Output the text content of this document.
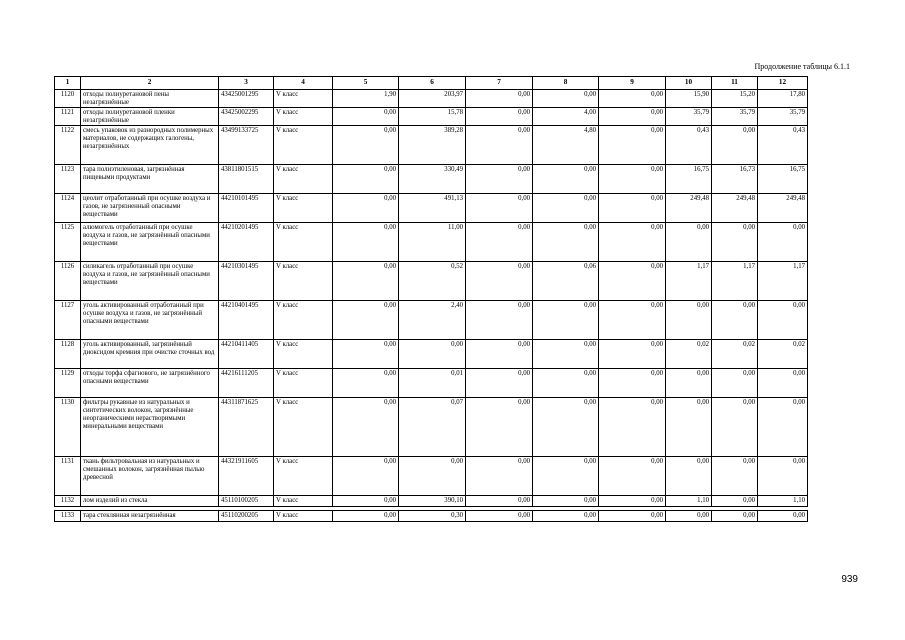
Продолжение таблицы 6.1.1
1	2	3	4	5	6	7	8	9	10	11	12
1120	отходы полиуретановой пены незагрязнённые	43425001295	V класс	1,90	203,97	0,00	0,00	0,00	15,90	15,20	17,80
1121	отходы полиуретановой пленки незагрязнённые	43425002295	V класс	0,00	15,78	0,00	4,00	0,00	35,79	35,79	35,79
1122	смесь упаковок из разнородных полимерных материалов, не содержащих галогены, незагрязнённых	43499133725	V класс	0,00	389,28	0,00	4,80	0,00	0,43	0,00	0,43
1123	тара полиэтиленовая, загрязнённая пищевыми продуктами	43811801515	V класс	0,00	330,49	0,00	0,00	0,00	16,75	16,73	16,75
1124	цеолит отработанный при осушке воздуха и газов, не загрязненный опасными веществами	44210101495	V класс	0,00	491,13	0,00	0,00	0,00	249,48	249,48	249,48
1125	алюмогель отработанный при осушке воздуха и газов, не загрязнённый опасными веществами	44210201495	V класс	0,00	11,00	0,00	0,00	0,00	0,00	0,00	0,00
1126	силикагель отработанный при осушке воздуха и газов, не загрязнённый опасными веществами	44210301495	V класс	0,00	0,52	0,00	0,06	0,00	1,17	1,17	1,17
1127	уголь активированный отработанный при осушке воздуха и газов, не загрязнённый опасными веществами	44210401495	V класс	0,00	2,40	0,00	0,00	0,00	0,00	0,00	0,00
1128	уголь активированный, загрязнённый диоксидом кремния при очистке сточных вод	44210411405	V класс	0,00	0,00	0,00	0,00	0,00	0,02	0,02	0,02
1129	отходы торфа сфагнового, не загрязнённого опасными веществами	44216111205	V класс	0,00	0,01	0,00	0,00	0,00	0,00	0,00	0,00
1130	фильтры рукавные из натуральных и синтетических волокон, загрязнённые неорганическими нерастворимыми минеральными веществами	44311871625	V класс	0,00	0,07	0,00	0,00	0,00	0,00	0,00	0,00
1131	ткань фильтровальная из натуральных и смешанных волокон, загрязнённая пылью древесной	44321911605	V класс	0,00	0,00	0,00	0,00	0,00	0,00	0,00	0,00
1132	лом изделий из стекла	45110100205	V класс	0,00	390,10	0,00	0,00	0,00	1,10	0,00	1,10

1133	тара стеклянная незагрязнённая	45110200205	V класс	0,00	0,30	0,00	0,00	0,00	0,00	0,00	0,00
939
